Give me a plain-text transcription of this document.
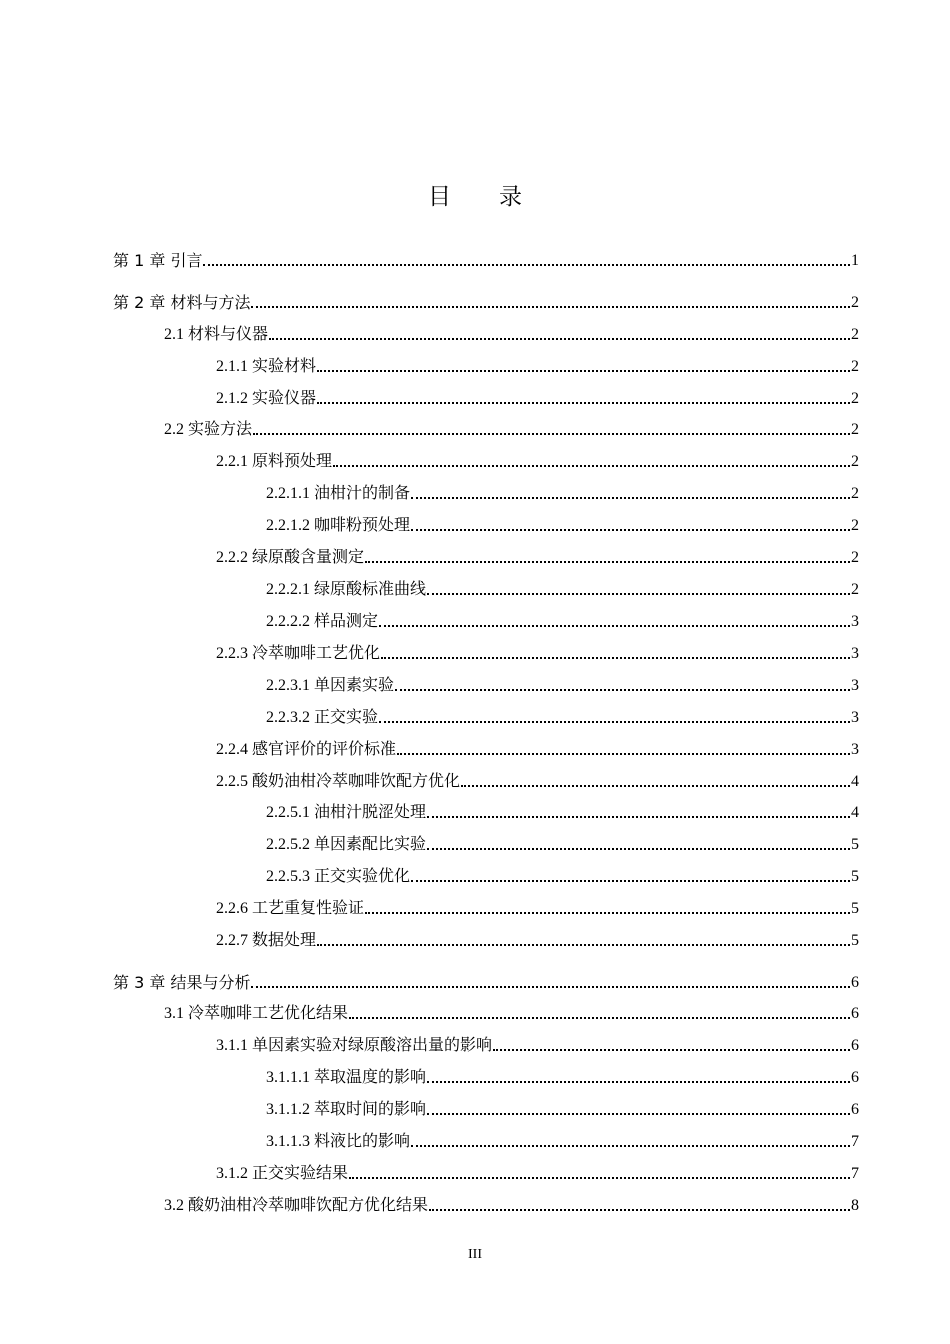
目录
第 1 章 引言	1
第 2 章 材料与方法	2
2.1 材料与仪器	2
2.1.1 实验材料	2
2.1.2 实验仪器	2
2.2 实验方法	2
2.2.1 原料预处理	2
2.2.1.1 油柑汁的制备	2
2.2.1.2 咖啡粉预处理	2
2.2.2 绿原酸含量测定	2
2.2.2.1 绿原酸标准曲线	2
2.2.2.2 样品测定	3
2.2.3 冷萃咖啡工艺优化	3
2.2.3.1 单因素实验	3
2.2.3.2 正交实验	3
2.2.4 感官评价的评价标准	3
2.2.5 酸奶油柑冷萃咖啡饮配方优化	4
2.2.5.1 油柑汁脱涩处理	4
2.2.5.2 单因素配比实验	5
2.2.5.3 正交实验优化	5
2.2.6 工艺重复性验证	5
2.2.7 数据处理	5
第 3 章 结果与分析	6
3.1 冷萃咖啡工艺优化结果	6
3.1.1 单因素实验对绿原酸溶出量的影响	6
3.1.1.1 萃取温度的影响	6
3.1.1.2 萃取时间的影响	6
3.1.1.3 料液比的影响	7
3.1.2 正交实验结果	7
3.2 酸奶油柑冷萃咖啡饮配方优化结果	8
III
